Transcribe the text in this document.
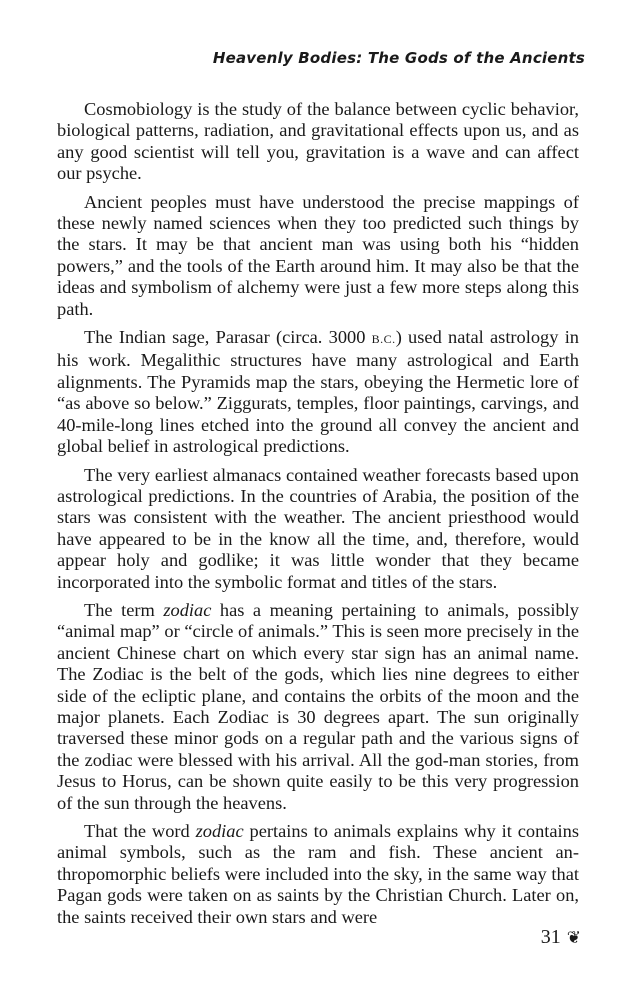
Heavenly Bodies: The Gods of the Ancients

Cosmobiology is the study of the balance between cyclic behavior, biological patterns, radiation, and gravitational effects upon us, and as any good scientist will tell you, gravitation is a wave and can affect our psyche.

Ancient peoples must have understood the precise mappings of these newly named sciences when they too predicted such things by the stars. It may be that ancient man was using both his “hidden powers,” and the tools of the Earth around him. It may also be that the ideas and symbolism of alchemy were just a few more steps along this path.

The Indian sage, Parasar (circa. 3000 B.C.) used natal astrology in his work. Megalithic structures have many astrological and Earth alignments. The Pyramids map the stars, obeying the Hermetic lore of “as above so below.” Ziggurats, temples, floor paintings, carvings, and 40-mile-long lines etched into the ground all convey the ancient and global belief in astrological predictions.

The very earliest almanacs contained weather forecasts based upon astrological predictions. In the countries of Arabia, the position of the stars was consistent with the weather. The ancient priesthood would have appeared to be in the know all the time, and, therefore, would appear holy and godlike; it was little wonder that they became incorporated into the symbolic format and titles of the stars.

The term zodiac has a meaning pertaining to animals, possibly “animal map” or “circle of animals.” This is seen more precisely in the ancient Chinese chart on which every star sign has an animal name. The Zodiac is the belt of the gods, which lies nine degrees to either side of the ecliptic plane, and contains the orbits of the moon and the major planets. Each Zodiac is 30 degrees apart. The sun originally traversed these minor gods on a regular path and the various signs of the zodiac were blessed with his arrival. All the god-man stories, from Jesus to Horus, can be shown quite easily to be this very progression of the sun through the heavens.

That the word zodiac pertains to animals explains why it contains animal symbols, such as the ram and fish. These ancient anthropomorphic beliefs were included into the sky, in the same way that Pagan gods were taken on as saints by the Christian Church. Later on, the saints received their own stars and were

31 ❦
